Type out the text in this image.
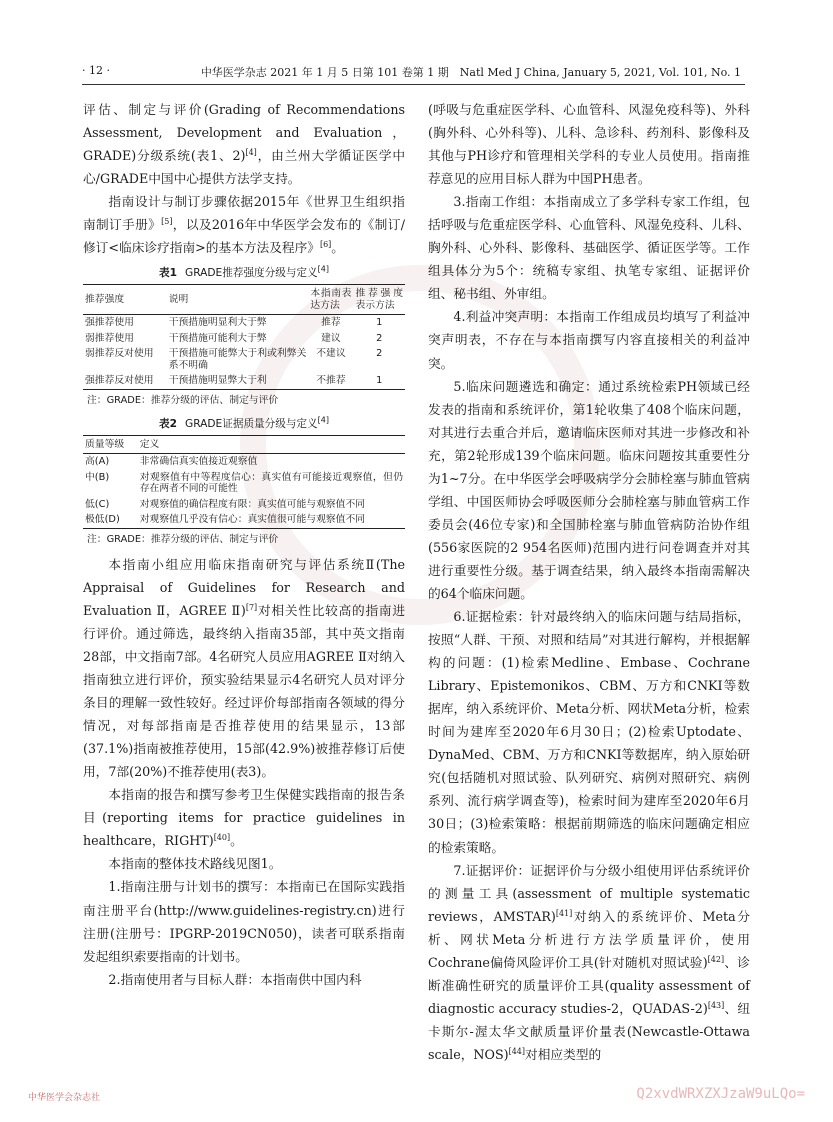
· 12 ·	中华医学杂志 2021 年 1 月 5 日第 101 卷第 1 期　Natl Med J China, January 5, 2021, Vol. 101, No. 1

评估、制定与评价(Grading of Recommendations Assessment, Development and Evaluation，GRADE)分级系统(表1、2)[4]，由兰州大学循证医学中心/GRADE中国中心提供方法学支持。

指南设计与制订步骤依据2015年《世界卫生组织指南制订手册》[5]，以及2016年中华医学会发布的《制订/修订<临床诊疗指南>的基本方法及程序》[6]。

表1 GRADE推荐强度分级与定义[4]
推荐强度	说明	本指南表达方法	推荐强度表示方法
强推荐使用	干预措施明显利大于弊	推荐	1
弱推荐使用	干预措施可能利大于弊	建议	2
弱推荐反对使用	干预措施可能弊大于利或利弊关系不明确	不建议	2
强推荐反对使用	干预措施明显弊大于利	不推荐	1
注：GRADE：推荐分级的评估、制定与评价
表2 GRADE证据质量分级与定义[4]
质量等级	定义
高(A)	非常确信真实值接近观察值
中(B)	对观察值有中等程度信心：真实值有可能接近观察值，但仍存在两者不同的可能性
低(C)	对观察值的确信程度有限：真实值可能与观察值不同
极低(D)	对观察值几乎没有信心：真实值很可能与观察值不同
注：GRADE：推荐分级的评估、制定与评价

本指南小组应用临床指南研究与评估系统Ⅱ(The Appraisal of Guidelines for Research and Evaluation Ⅱ，AGREE Ⅱ)[7]对相关性比较高的指南进行评价。通过筛选，最终纳入指南35部，其中英文指南28部，中文指南7部。4名研究人员应用AGREE Ⅱ对纳入指南独立进行评价，预实验结果显示4名研究人员对评分条目的理解一致性较好。经过评价每部指南各领域的得分情况，对每部指南是否推荐使用的结果显示，13部(37.1%)指南被推荐使用，15部(42.9%)被推荐修订后使用，7部(20%)不推荐使用(表3)。

本指南的报告和撰写参考卫生保健实践指南的报告条目(reporting items for practice guidelines in healthcare，RIGHT)[40]。

本指南的整体技术路线见图1。

1.指南注册与计划书的撰写：本指南已在国际实践指南注册平台(http://www.guidelines-registry.cn)进行注册(注册号：IPGRP-2019CN050)，读者可联系指南发起组织索要指南的计划书。

2.指南使用者与目标人群：本指南供中国内科

(呼吸与危重症医学科、心血管科、风湿免疫科等)、外科(胸外科、心外科等)、儿科、急诊科、药剂科、影像科及其他与PH诊疗和管理相关学科的专业人员使用。指南推荐意见的应用目标人群为中国PH患者。

3.指南工作组：本指南成立了多学科专家工作组，包括呼吸与危重症医学科、心血管科、风湿免疫科、儿科、胸外科、心外科、影像科、基础医学、循证医学等。工作组具体分为5个：统稿专家组、执笔专家组、证据评价组、秘书组、外审组。

4.利益冲突声明：本指南工作组成员均填写了利益冲突声明表，不存在与本指南撰写内容直接相关的利益冲突。

5.临床问题遴选和确定：通过系统检索PH领域已经发表的指南和系统评价，第1轮收集了408个临床问题，对其进行去重合并后，邀请临床医师对其进一步修改和补充，第2轮形成139个临床问题。临床问题按其重要性分为1~7分。在中华医学会呼吸病学分会肺栓塞与肺血管病学组、中国医师协会呼吸医师分会肺栓塞与肺血管病工作委员会(46位专家)和全国肺栓塞与肺血管病防治协作组(556家医院的2 954名医师)范围内进行问卷调查并对其进行重要性分级。基于调查结果，纳入最终本指南需解决的64个临床问题。

6.证据检索：针对最终纳入的临床问题与结局指标，按照“人群、干预、对照和结局”对其进行解构，并根据解构的问题：(1)检索Medline、Embase、Cochrane Library、Epistemonikos、CBM、万方和CNKI等数据库，纳入系统评价、Meta分析、网状Meta分析，检索时间为建库至2020年6月30日；(2)检索Uptodate、DynaMed、CBM、万方和CNKI等数据库，纳入原始研究(包括随机对照试验、队列研究、病例对照研究、病例系列、流行病学调查等)，检索时间为建库至2020年6月30日；(3)检索策略：根据前期筛选的临床问题确定相应的检索策略。

7.证据评价：证据评价与分级小组使用评估系统评价的测量工具(assessment of multiple systematic reviews，AMSTAR)[41]对纳入的系统评价、Meta分析、网状Meta分析进行方法学质量评价，使用Cochrane偏倚风险评价工具(针对随机对照试验)[42]、诊断准确性研究的质量评价工具(quality assessment of diagnostic accuracy studies-2，QUADAS-2)[43]、纽卡斯尔-渥太华文献质量评价量表(Newcastle-Ottawa scale，NOS)[44]对相应类型的

中华医学会杂志社	Q2xvdWRXZXJzaW9uLQo=
